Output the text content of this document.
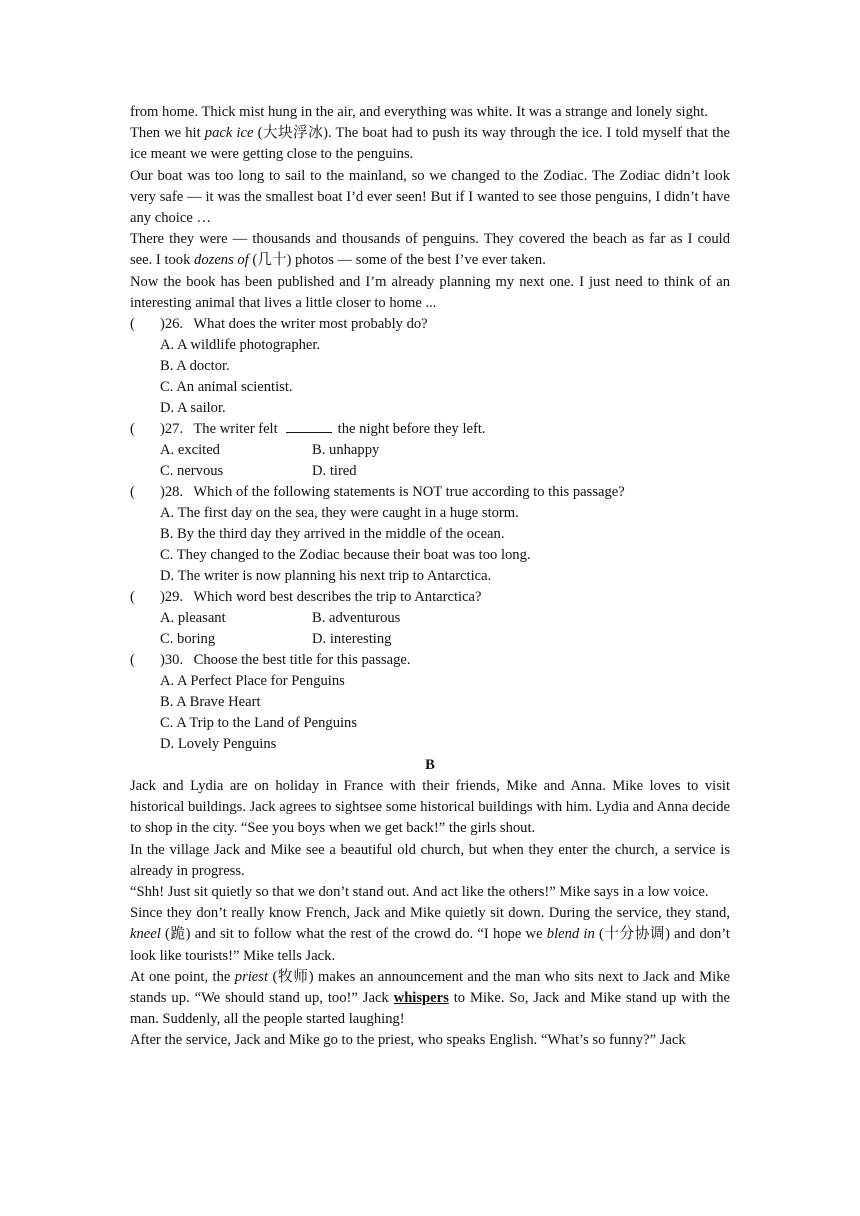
from home. Thick mist hung in the air, and everything was white. It was a strange and lonely sight.

Then we hit pack ice (大块浮冰). The boat had to push its way through the ice. I told myself that the ice meant we were getting close to the penguins.

Our boat was too long to sail to the mainland, so we changed to the Zodiac. The Zodiac didn’t look very safe — it was the smallest boat I’d ever seen! But if I wanted to see those penguins, I didn’t have any choice …

There they were — thousands and thousands of penguins. They covered the beach as far as I could see. I took dozens of (几十) photos — some of the best I’ve ever taken.

Now the book has been published and I’m already planning my next one. I just need to think of an interesting animal that lives a little closer to home ...

( )26. What does the writer most probably do?
A. A wildlife photographer.
B. A doctor.
C. An animal scientist.
D. A sailor.
( )27. The writer felt	the night before they left.
A. excited	B. unhappy
C. nervous	D. tired
( )28. Which of the following statements is NOT true according to this passage?
A. The first day on the sea, they were caught in a huge storm.
B. By the third day they arrived in the middle of the ocean.
C. They changed to the Zodiac because their boat was too long.
D. The writer is now planning his next trip to Antarctica.
( )29. Which word best describes the trip to Antarctica?
A. pleasant	B. adventurous
C. boring	D. interesting
( )30. Choose the best title for this passage.
A. A Perfect Place for Penguins
B. A Brave Heart
C. A Trip to the Land of Penguins
D. Lovely Penguins
B

Jack and Lydia are on holiday in France with their friends, Mike and Anna. Mike loves to visit historical buildings. Jack agrees to sightsee some historical buildings with him. Lydia and Anna decide to shop in the city. “See you boys when we get back!” the girls shout.

In the village Jack and Mike see a beautiful old church, but when they enter the church, a service is already in progress.

“Shh! Just sit quietly so that we don’t stand out. And act like the others!” Mike says in a low voice.

Since they don’t really know French, Jack and Mike quietly sit down. During the service, they stand, kneel (跪) and sit to follow what the rest of the crowd do. “I hope we blend in (十分协调) and don’t look like tourists!” Mike tells Jack.

At one point, the priest (牧师) makes an announcement and the man who sits next to Jack and Mike stands up. “We should stand up, too!” Jack whispers to Mike. So, Jack and Mike stand up with the man. Suddenly, all the people started laughing!

After the service, Jack and Mike go to the priest, who speaks English. “What’s so funny?” Jack
